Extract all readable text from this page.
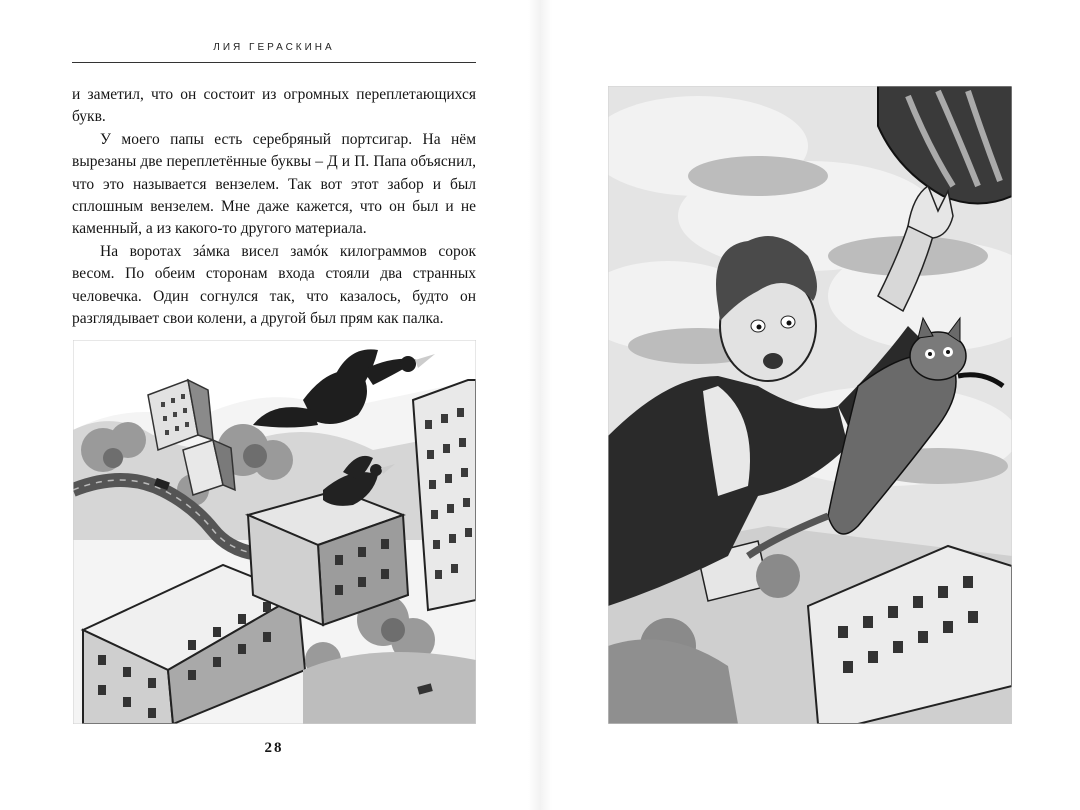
ЛИЯ ГЕРАСКИНА

и заметил, что он состоит из огромных переплетающихся букв.

У моего папы есть серебряный портсигар. На нём вырезаны две переплетённые буквы – Д и П. Папа объяснил, что это называется вензелем. Так вот этот забор и был сплошным вензелем. Мне даже кажется, что он был и не каменный, а из какого-то другого материала.

На воротах зáмка висел замóк килограммов сорок весом. По обеим сторонам входа стояли два странных человечка. Один согнулся так, что казалось, будто он разглядывает свои колени, а другой был прям как палка.

28
